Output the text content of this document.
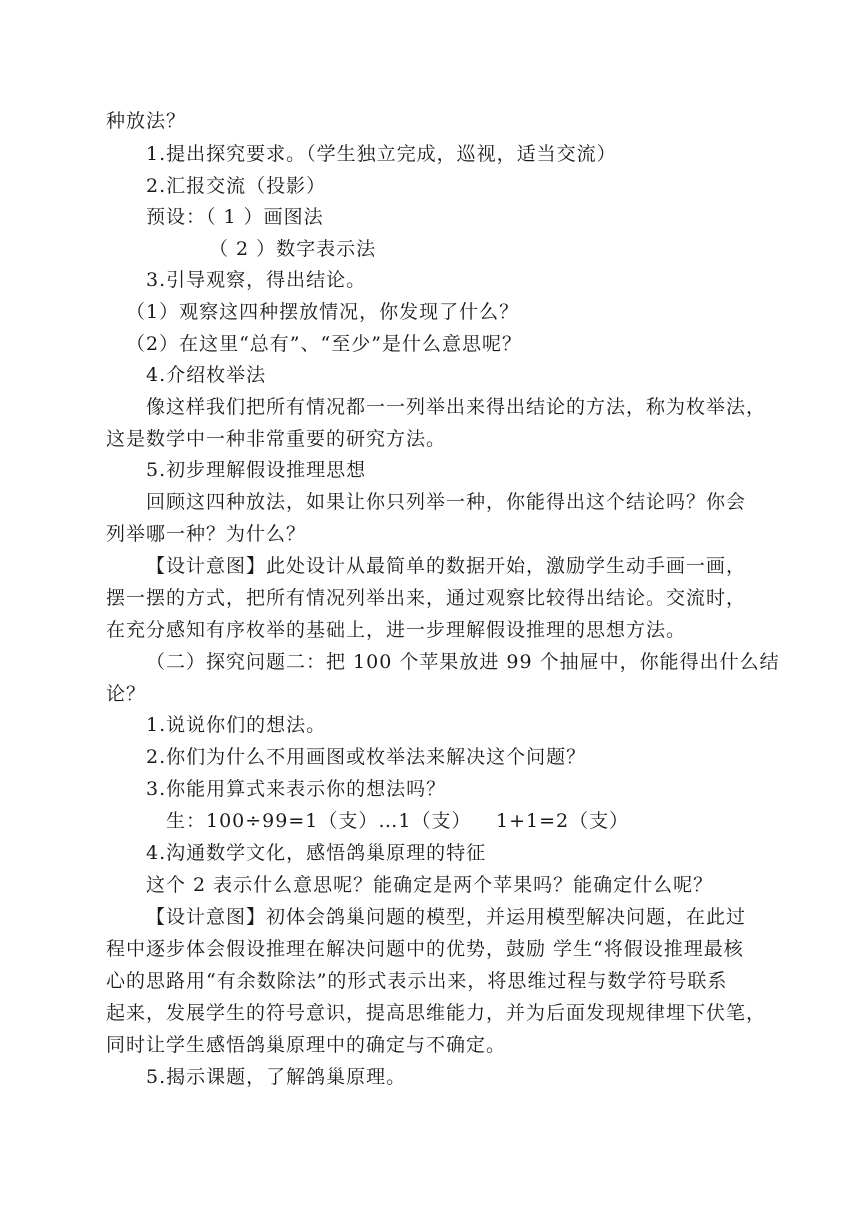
种放法？
1.提出探究要求。（学生独立完成，巡视，适当交流）
2.汇报交流（投影）
预设：（ 1 ）画图法
（ 2 ）数字表示法
3.引导观察，得出结论。
（1）观察这四种摆放情况，你发现了什么？
（2）在这里“总有”、“至少”是什么意思呢？
4.介绍枚举法
像这样我们把所有情况都一一列举出来得出结论的方法，称为枚举法，
这是数学中一种非常重要的研究方法。
5.初步理解假设推理思想
回顾这四种放法，如果让你只列举一种，你能得出这个结论吗？你会
列举哪一种？为什么？
【设计意图】此处设计从最简单的数据开始，激励学生动手画一画，
摆一摆的方式，把所有情况列举出来，通过观察比较得出结论。交流时，
在充分感知有序枚举的基础上，进一步理解假设推理的思想方法。
（二）探究问题二：把 100 个苹果放进 99 个抽屉中，你能得出什么结
论？
1.说说你们的想法。
2.你们为什么不用画图或枚举法来解决这个问题？
3.你能用算式来表示你的想法吗？
生：100÷99=1（支）…1（支） 1+1=2（支）
4.沟通数学文化，感悟鸽巢原理的特征
这个 2 表示什么意思呢？能确定是两个苹果吗？能确定什么呢？
【设计意图】初体会鸽巢问题的模型，并运用模型解决问题，在此过
程中逐步体会假设推理在解决问题中的优势，鼓励 学生“将假设推理最核
心的思路用“有余数除法”的形式表示出来，将思维过程与数学符号联系
起来，发展学生的符号意识，提高思维能力，并为后面发现规律埋下伏笔，
同时让学生感悟鸽巢原理中的确定与不确定。
5.揭示课题，了解鸽巢原理。
